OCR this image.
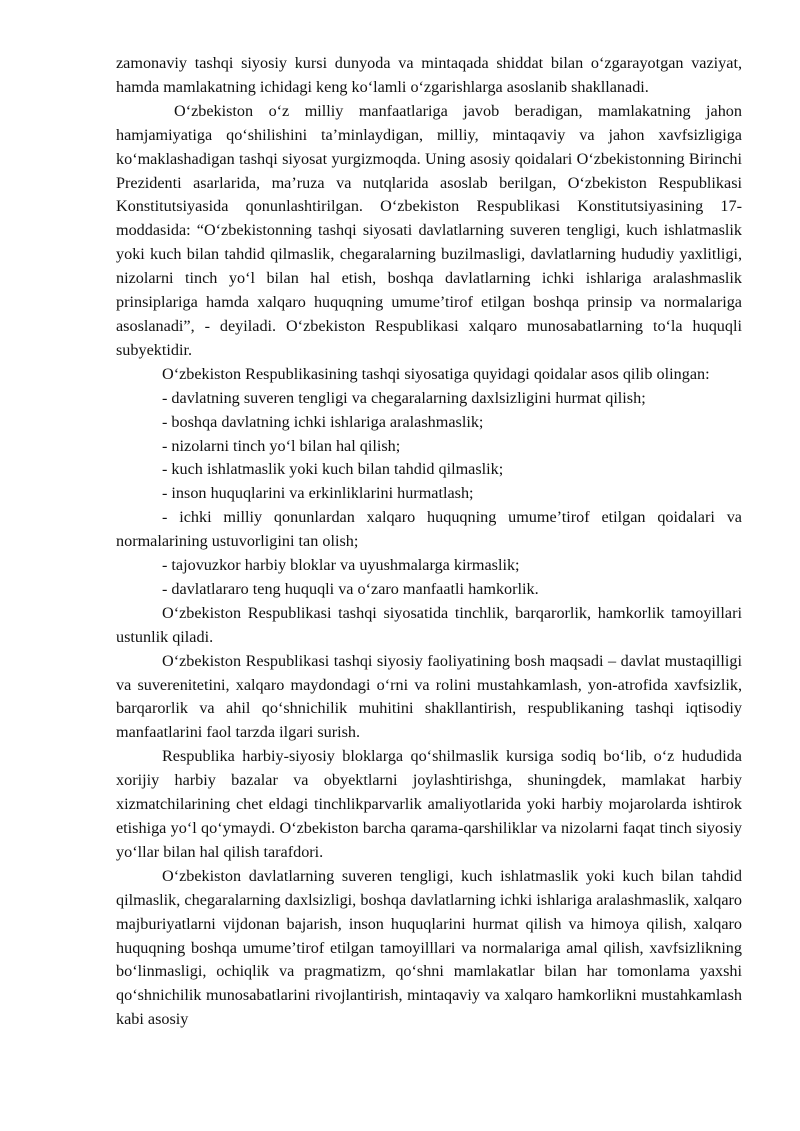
zamonaviy tashqi siyosiy kursi dunyoda va mintaqada shiddat bilan o‘zgarayotgan vaziyat, hamda mamlakatning ichidagi keng ko‘lamli o‘zgarishlarga asoslanib shakllanadi.

O‘zbekiston o‘z milliy manfaatlariga javob beradigan, mamlakatning jahon hamjamiyatiga qo‘shilishini ta’minlaydigan, milliy, mintaqaviy va jahon xavfsizligiga ko‘maklashadigan tashqi siyosat yurgizmoqda. Uning asosiy qoidalari O‘zbekistonning Birinchi Prezidenti asarlarida, ma’ruza va nutqlarida asoslab berilgan, O‘zbekiston Respublikasi Konstitutsiyasida qonunlashtirilgan. O‘zbekiston Respublikasi Konstitutsiyasining 17-moddasida: “O‘zbekistonning tashqi siyosati davlatlarning suveren tengligi, kuch ishlatmaslik yoki kuch bilan tahdid qilmaslik, chegaralarning buzilmasligi, davlatlarning hududiy yaxlitligi, nizolarni tinch yo‘l bilan hal etish, boshqa davlatlarning ichki ishlariga aralashmaslik prinsiplariga hamda xalqaro huquqning umume’tirof etilgan boshqa prinsip va normalariga asoslanadi”, - deyiladi. O‘zbekiston Respublikasi xalqaro munosabatlarning to‘la huquqli subyektidir.

O‘zbekiston Respublikasining tashqi siyosatiga quyidagi qoidalar asos qilib olingan:

- davlatning suveren tengligi va chegaralarning daxlsizligini hurmat qilish;

- boshqa davlatning ichki ishlariga aralashmaslik;

- nizolarni tinch yo‘l bilan hal qilish;

- kuch ishlatmaslik yoki kuch bilan tahdid qilmaslik;

- inson huquqlarini va erkinliklarini hurmatlash;

- ichki milliy qonunlardan xalqaro huquqning umume’tirof etilgan qoidalari va normalarining ustuvorligini tan olish;

- tajovuzkor harbiy bloklar va uyushmalarga kirmaslik;

- davlatlararo teng huquqli va o‘zaro manfaatli hamkorlik.

O‘zbekiston Respublikasi tashqi siyosatida tinchlik, barqarorlik, hamkorlik tamoyillari ustunlik qiladi.

O‘zbekiston Respublikasi tashqi siyosiy faoliyatining bosh maqsadi – davlat mustaqilligi va suverenitetini, xalqaro maydondagi o‘rni va rolini mustahkamlash, yon-atrofida xavfsizlik, barqarorlik va ahil qo‘shnichilik muhitini shakllantirish, respublikaning tashqi iqtisodiy manfaatlarini faol tarzda ilgari surish.

Respublika harbiy-siyosiy bloklarga qo‘shilmaslik kursiga sodiq bo‘lib, o‘z hududida xorijiy harbiy bazalar va obyektlarni joylashtirishga, shuningdek, mamlakat harbiy xizmatchilarining chet eldagi tinchlikparvarlik amaliyotlarida yoki harbiy mojarolarda ishtirok etishiga yo‘l qo‘ymaydi. O‘zbekiston barcha qarama-qarshiliklar va nizolarni faqat tinch siyosiy yo‘llar bilan hal qilish tarafdori.

O‘zbekiston davlatlarning suveren tengligi, kuch ishlatmaslik yoki kuch bilan tahdid qilmaslik, chegaralarning daxlsizligi, boshqa davlatlarning ichki ishlariga aralashmaslik, xalqaro majburiyatlarni vijdonan bajarish, inson huquqlarini hurmat qilish va himoya qilish, xalqaro huquqning boshqa umume’tirof etilgan tamoyilllari va normalariga amal qilish, xavfsizlikning bo‘linmasligi, ochiqlik va pragmatizm, qo‘shni mamlakatlar bilan har tomonlama yaxshi qo‘shnichilik munosabatlarini rivojlantirish, mintaqaviy va xalqaro hamkorlikni mustahkamlash kabi asosiy
